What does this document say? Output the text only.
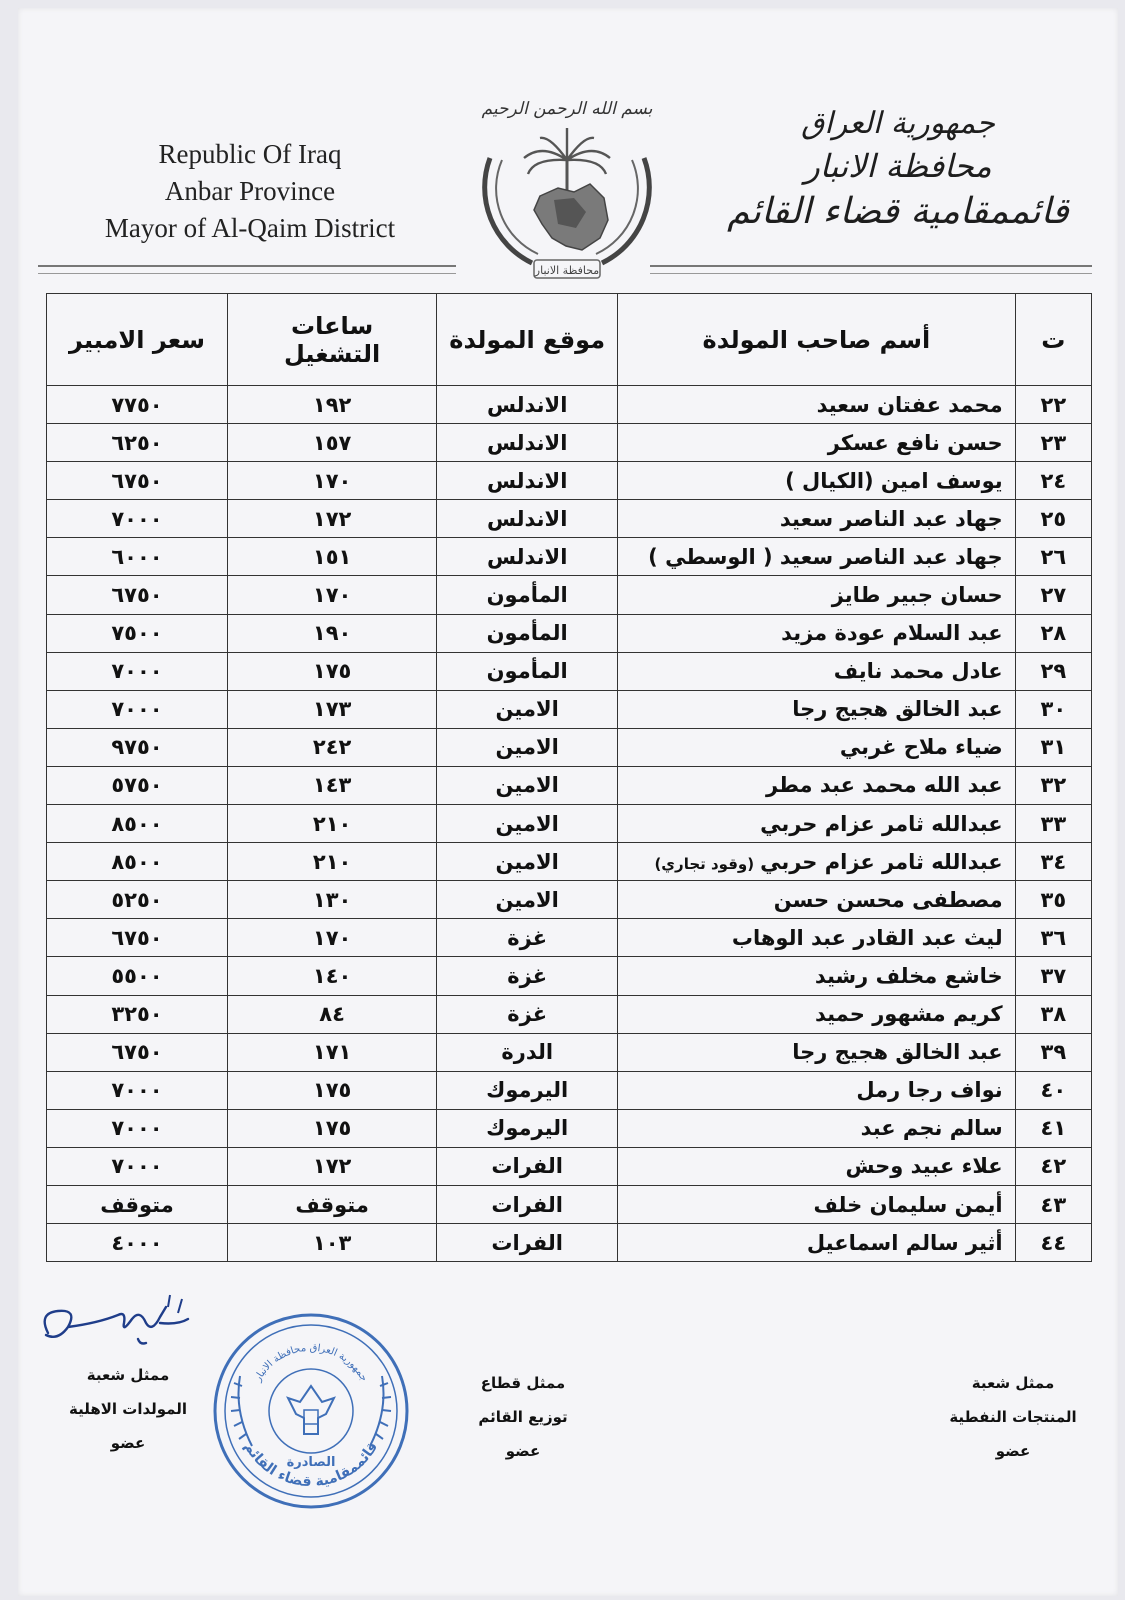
Republic Of Iraq
Anbar Province
Mayor of Al-Qaim District
بسم الله الرحمن الرحيم
محافظة الانبار
جمهورية العراق
محافظة الانبار
قائممقامية قضاء القائم
ت	أسم صاحب المولدة	موقع المولدة	ساعات التشغيل	سعر الامبير
٢٢	محمد عفتان سعيد	الاندلس	١٩٢	٧٧٥٠
٢٣	حسن نافع عسكر	الاندلس	١٥٧	٦٢٥٠
٢٤	يوسف امين (الكيال )	الاندلس	١٧٠	٦٧٥٠
٢٥	جهاد عبد الناصر سعيد	الاندلس	١٧٢	٧٠٠٠
٢٦	جهاد عبد الناصر سعيد ( الوسطي )	الاندلس	١٥١	٦٠٠٠
٢٧	حسان جبير طايز	المأمون	١٧٠	٦٧٥٠
٢٨	عبد السلام عودة مزيد	المأمون	١٩٠	٧٥٠٠
٢٩	عادل محمد نايف	المأمون	١٧٥	٧٠٠٠
٣٠	عبد الخالق هجيج رجا	الامين	١٧٣	٧٠٠٠
٣١	ضياء ملاح غربي	الامين	٢٤٢	٩٧٥٠
٣٢	عبد الله محمد عبد مطر	الامين	١٤٣	٥٧٥٠
٣٣	عبدالله ثامر عزام حربي	الامين	٢١٠	٨٥٠٠
٣٤	عبدالله ثامر عزام حربي(وقود تجاري)	الامين	٢١٠	٨٥٠٠
٣٥	مصطفى محسن حسن	الامين	١٣٠	٥٢٥٠
٣٦	ليث عبد القادر عبد الوهاب	غزة	١٧٠	٦٧٥٠
٣٧	خاشع مخلف رشيد	غزة	١٤٠	٥٥٠٠
٣٨	كريم مشهور حميد	غزة	٨٤	٣٢٥٠
٣٩	عبد الخالق هجيج رجا	الدرة	١٧١	٦٧٥٠
٤٠	نواف رجا رمل	اليرموك	١٧٥	٧٠٠٠
٤١	سالم نجم عبد	اليرموك	١٧٥	٧٠٠٠
٤٢	علاء عبيد وحش	الفرات	١٧٢	٧٠٠٠
٤٣	أيمن سليمان خلف	الفرات	متوقف	متوقف
٤٤	أثير سالم اسماعيل	الفرات	١٠٣	٤٠٠٠
قائممقامية قضاء القائم
جمهورية العراق محافظة الانبار
الصادرة
ممثل شعبة
المولدات الاهلية
عضو
ممثل قطاع
توزيع القائم
عضو
ممثل شعبة
المنتجات النفطية
عضو
